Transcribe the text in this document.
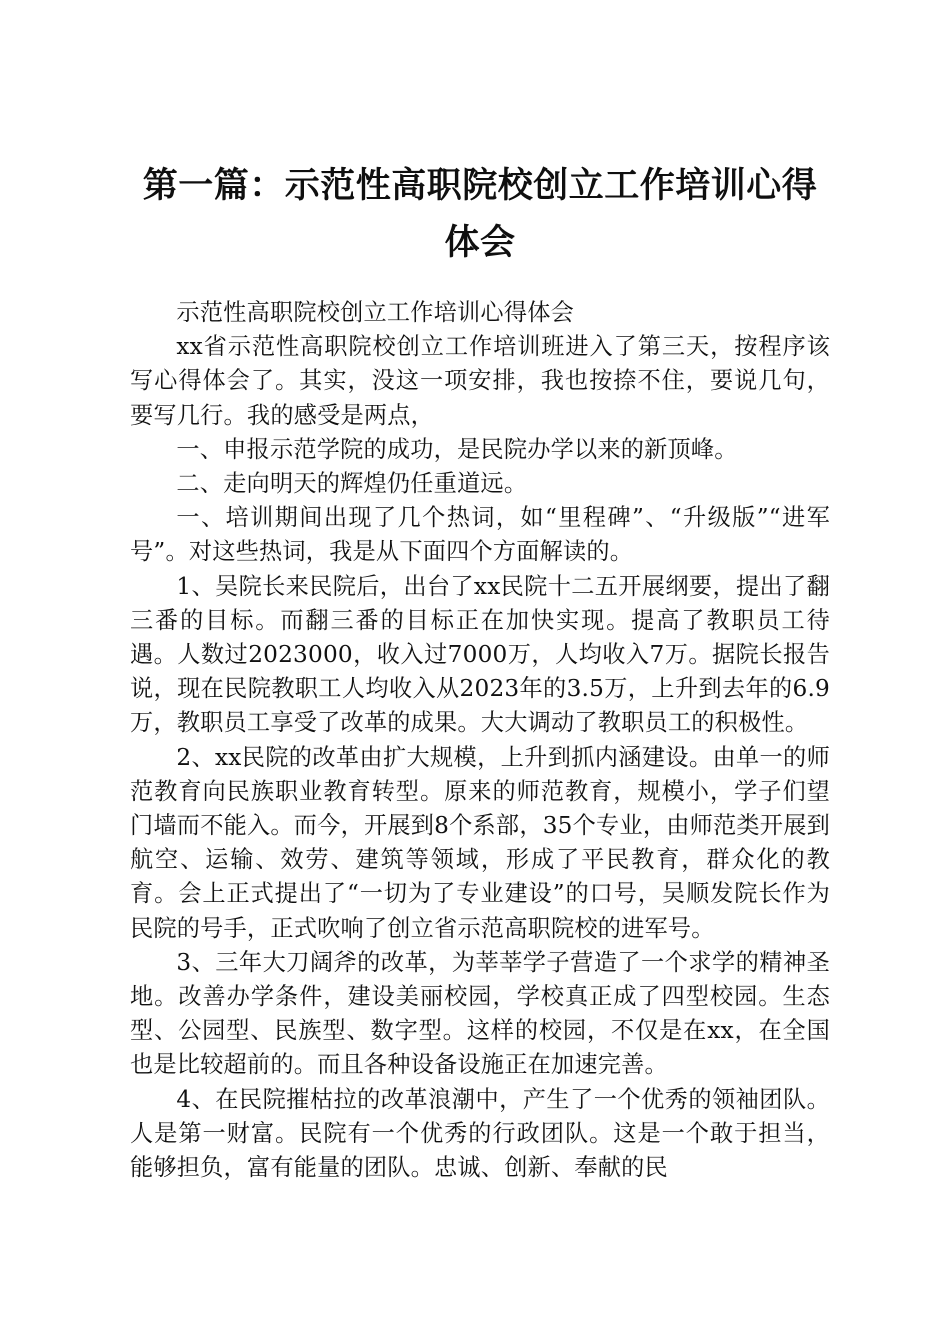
第一篇：示范性高职院校创立工作培训心得体会

示范性高职院校创立工作培训心得体会

xx省示范性高职院校创立工作培训班进入了第三天，按程序该写心得体会了。其实，没这一项安排，我也按捺不住，要说几句，要写几行。我的感受是两点，

一、申报示范学院的成功，是民院办学以来的新顶峰。

二、走向明天的辉煌仍任重道远。

一、培训期间出现了几个热词，如“里程碑”、“升级版”“进军号”。对这些热词，我是从下面四个方面解读的。

1、吴院长来民院后，出台了xx民院十二五开展纲要，提出了翻三番的目标。而翻三番的目标正在加快实现。提高了教职员工待遇。人数过2023000，收入过7000万，人均收入7万。据院长报告说，现在民院教职工人均收入从2023年的3.5万，上升到去年的6.9万，教职员工享受了改革的成果。大大调动了教职员工的积极性。

2、xx民院的改革由扩大规模，上升到抓内涵建设。由单一的师范教育向民族职业教育转型。原来的师范教育，规模小，学子们望门墙而不能入。而今，开展到8个系部，35个专业，由师范类开展到航空、运输、效劳、建筑等领域，形成了平民教育，群众化的教育。会上正式提出了“一切为了专业建设”的口号，吴顺发院长作为民院的号手，正式吹响了创立省示范高职院校的进军号。

3、三年大刀阔斧的改革，为莘莘学子营造了一个求学的精神圣地。改善办学条件，建设美丽校园，学校真正成了四型校园。生态型、公园型、民族型、数字型。这样的校园，不仅是在xx，在全国也是比较超前的。而且各种设备设施正在加速完善。

4、在民院摧枯拉的改革浪潮中，产生了一个优秀的领袖团队。人是第一财富。民院有一个优秀的行政团队。这是一个敢于担当，能够担负，富有能量的团队。忠诚、创新、奉献的民
